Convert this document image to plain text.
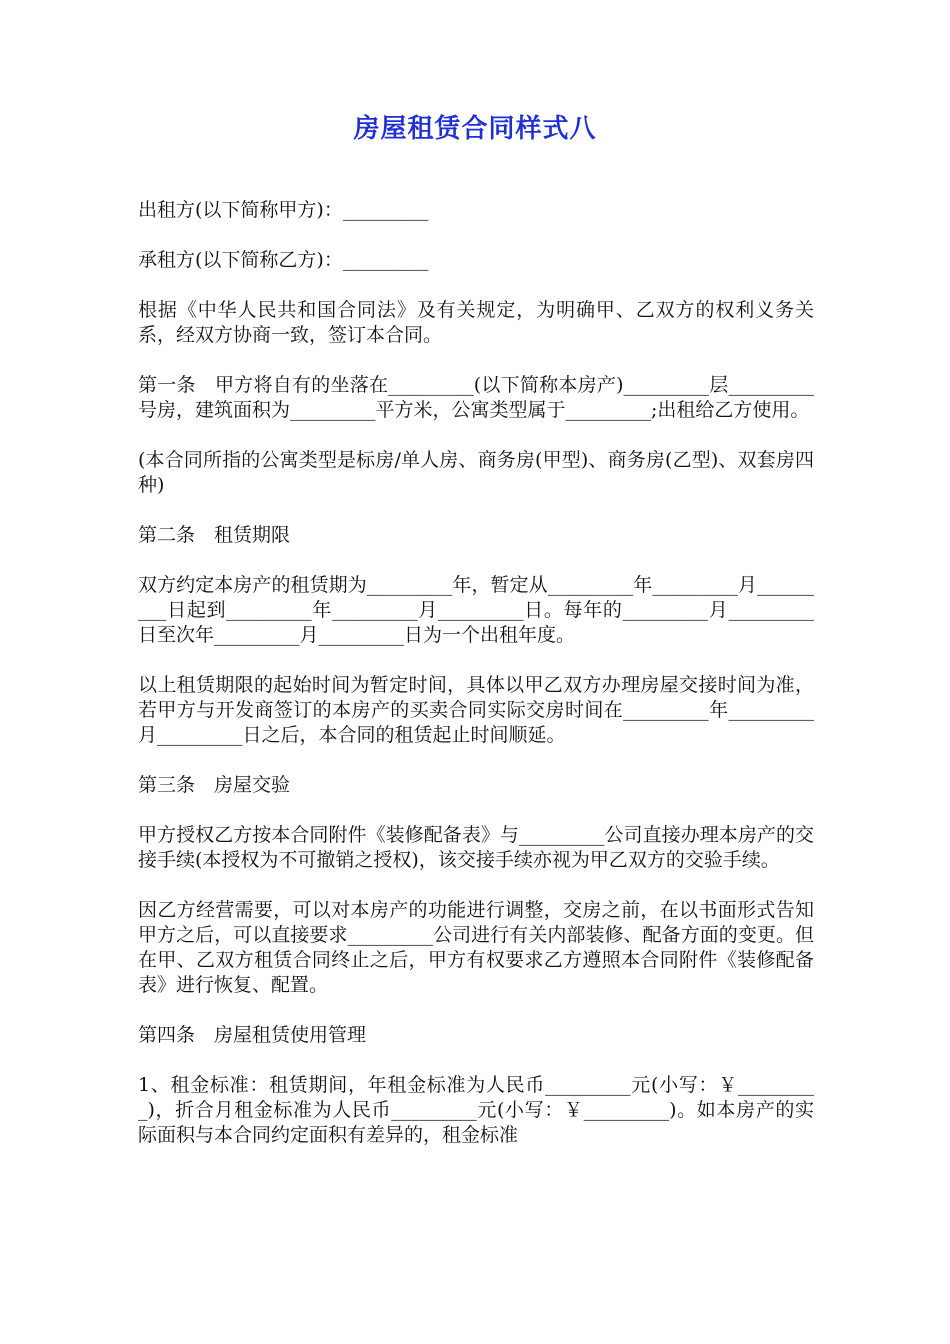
房屋租赁合同样式八

出租方(以下简称甲方)：_________

承租方(以下简称乙方)：_________

根据《中华人民共和国合同法》及有关规定，为明确甲、乙双方的权利义务关系，经双方协商一致，签订本合同。

第一条　甲方将自有的坐落在_________(以下简称本房产)_________层_________号房，建筑面积为_________平方米，公寓类型属于_________;出租给乙方使用。

(本合同所指的公寓类型是标房/单人房、商务房(甲型)、商务房(乙型)、双套房四种)

第二条　租赁期限

双方约定本房产的租赁期为_________年，暂定从_________年_________月_________日起到_________年_________月_________日。每年的_________月_________日至次年_________月_________日为一个出租年度。

以上租赁期限的起始时间为暂定时间，具体以甲乙双方办理房屋交接时间为准，若甲方与开发商签订的本房产的买卖合同实际交房时间在_________年_________月_________日之后，本合同的租赁起止时间顺延。

第三条　房屋交验

甲方授权乙方按本合同附件《装修配备表》与_________公司直接办理本房产的交接手续(本授权为不可撤销之授权)，该交接手续亦视为甲乙双方的交验手续。

因乙方经营需要，可以对本房产的功能进行调整，交房之前，在以书面形式告知甲方之后，可以直接要求_________公司进行有关内部装修、配备方面的变更。但在甲、乙双方租赁合同终止之后，甲方有权要求乙方遵照本合同附件《装修配备表》进行恢复、配置。

第四条　房屋租赁使用管理

1、租金标准：租赁期间，年租金标准为人民币_________元(小写：￥_________)，折合月租金标准为人民币_________元(小写：￥_________)。如本房产的实际面积与本合同约定面积有差异的，租金标准
